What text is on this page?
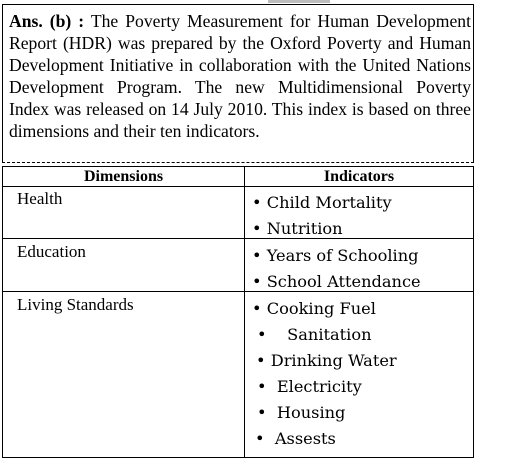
Ans. (b) : The Poverty Measurement for Human Development Report (HDR) was prepared by the Oxford Poverty and Human Development Initiative in collaboration with the United Nations Development Program. The new Multidimensional Poverty Index was released on 14 July 2010. This index is based on three dimensions and their ten indicators.
Dimensions	Indicators
Health
Education
Living Standards
• Child Mortality
• Nutrition
• Years of Schooling
• School Attendance
• Cooking Fuel
• Sanitation
• Drinking Water
• Electricity
• Housing
• Assests
